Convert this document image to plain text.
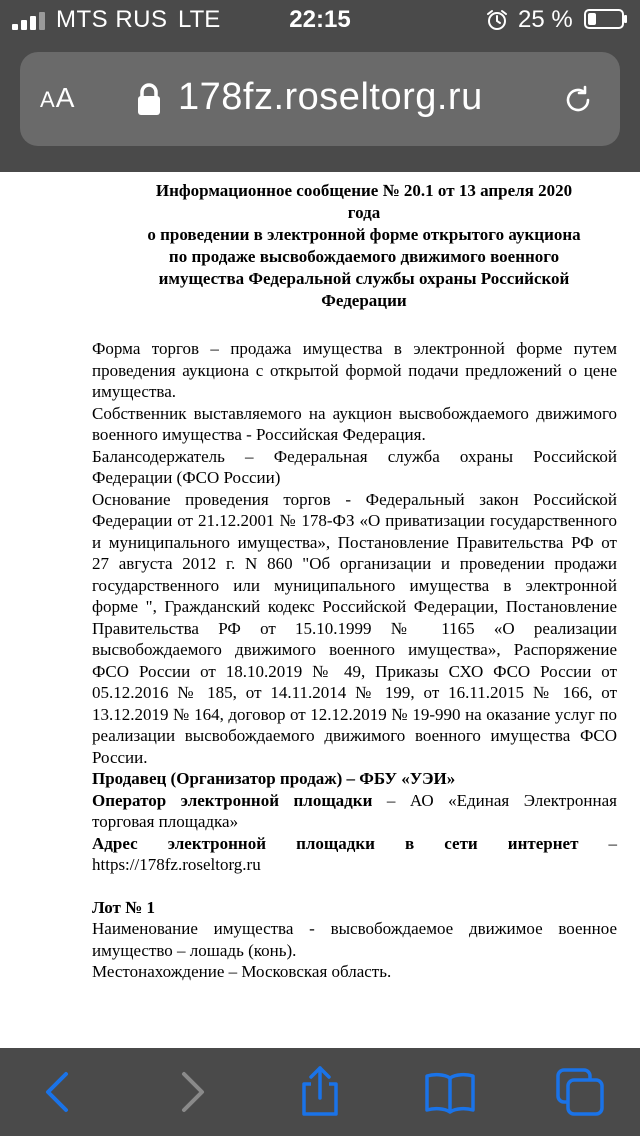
MTS RUS LTE	22:15	25 %
AA	178fz.roseltorg.ru
Информационное сообщение № 20.1 от 13 апреля 2020
года
о проведении в электронной форме открытого аукциона
по продаже высвобождаемого движимого военного
имущества Федеральной службы охраны Российской
Федерации

Форма торгов – продажа имущества в электронной форме путем проведения аукциона с открытой формой подачи предложений о цене имущества.

Собственник выставляемого на аукцион высвобождаемого движимого военного имущества - Российская Федерация.

Балансодержатель – Федеральная служба охраны Российской Федерации (ФСО России)

Основание проведения торгов - Федеральный закон Российской Федерации от 21.12.2001 № 178-ФЗ «О приватизации государственного и муниципального имущества», Постановление Правительства РФ от 27 августа 2012 г. N 860 "Об организации и проведении продажи государственного или муниципального имущества в электронной форме ", Гражданский кодекс Российской Федерации, Постановление Правительства РФ от 15.10.1999 № 1165 «О реализации высвобождаемого движимого военного имущества», Распоряжение ФСО России от 18.10.2019 № 49, Приказы СХО ФСО России от 05.12.2016 № 185, от 14.11.2014 № 199, от 16.11.2015 № 166, от 13.12.2019 № 164, договор от 12.12.2019 № 19-990 на оказание услуг по реализации высвобождаемого движимого военного имущества ФСО России.

Продавец (Организатор продаж) – ФБУ «УЭИ»

Оператор электронной площадки – АО «Единая Электронная торговая площадка»

Адрес электронной площадки в сети интернет – https://178fz.roseltorg.ru

Лот № 1

Наименование имущества - высвобождаемое движимое военное имущество – лошадь (конь).

Местонахождение – Московская область.
